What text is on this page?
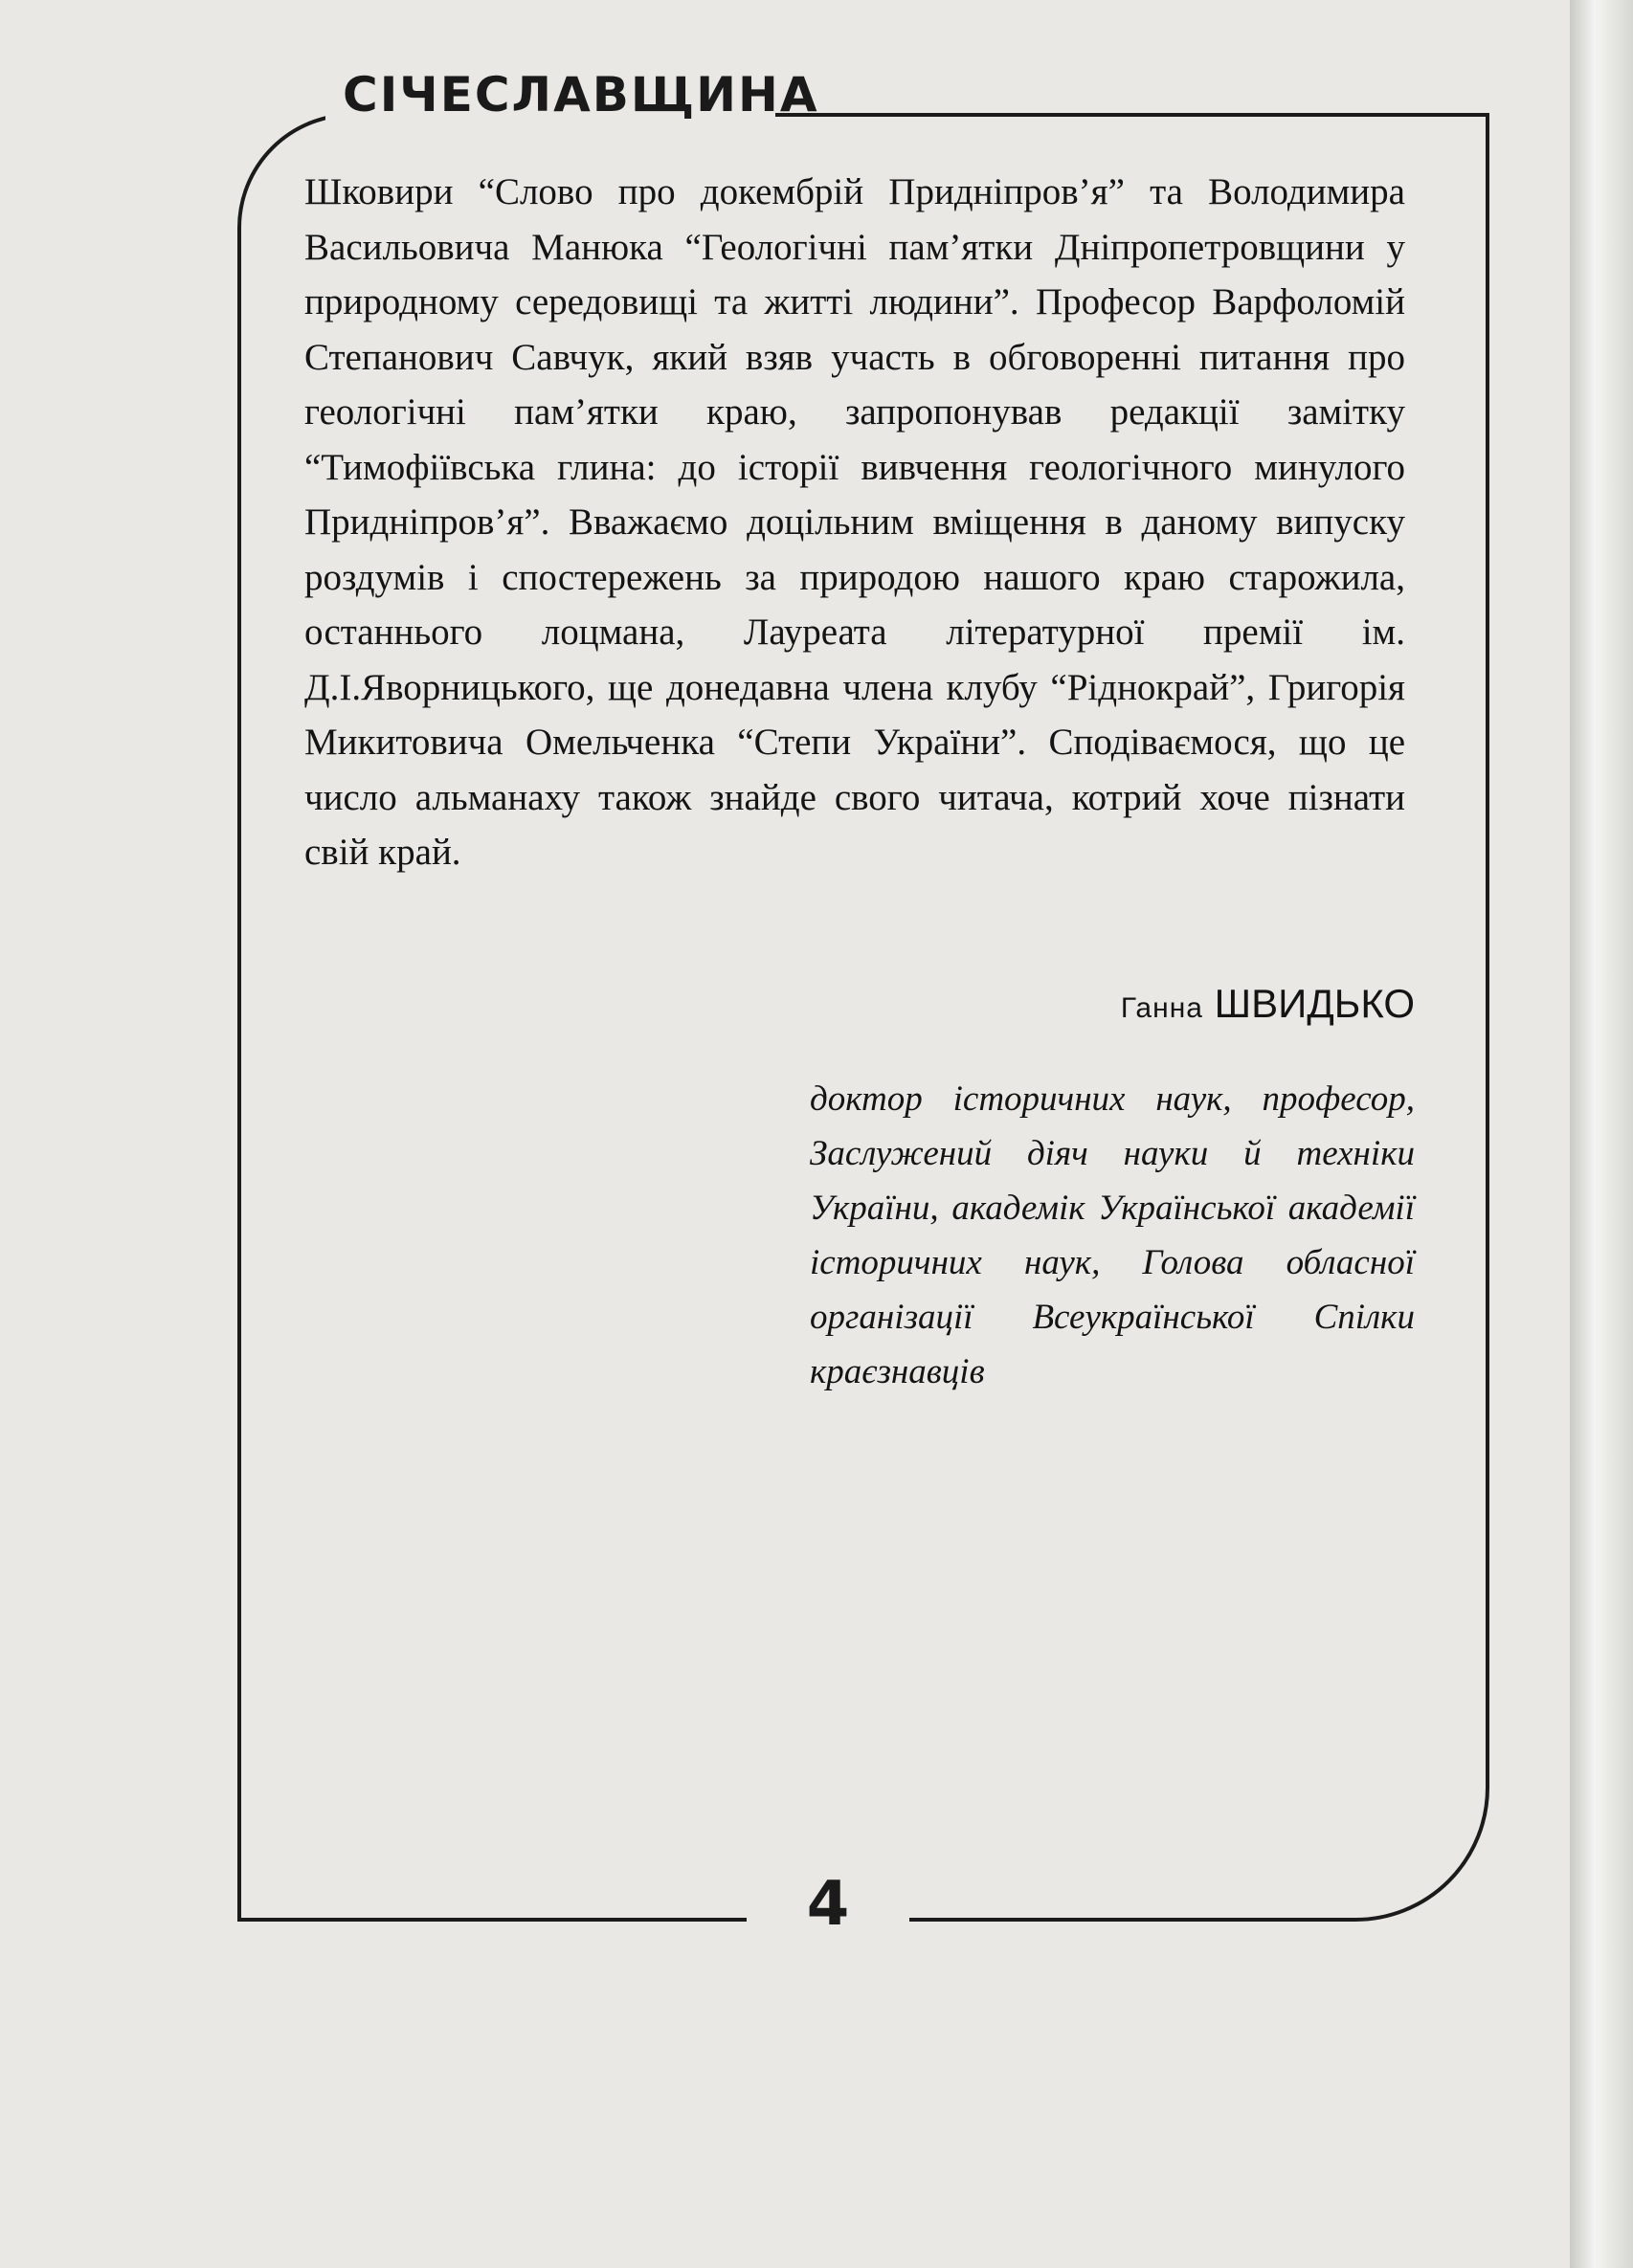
СІЧЕСЛАВЩИНА
Шковири “Слово про докембрій Придніпров’я” та Володимира Васильовича Манюка “Геологічні пам’ятки Дніпропетровщини у природному середовищі та житті людини”. Професор Варфоломій Степанович Савчук, який взяв участь в обговоренні питання про геологічні пам’ятки краю, запропонував редакції замітку “Тимофіївська глина: до історії вивчення геологічного минулого Придніпров’я”. Вважаємо доцільним вміщення в даному випуску роздумів і спостережень за природою нашого краю старожила, останнього лоцмана, Лауреата літературної премії ім. Д.І.Яворницького, ще донедавна члена клубу “Ріднокрай”, Григорія Микитовича Омельченка “Степи України”. Сподіваємося, що це число альманаху також знайде свого читача, котрий хоче пізнати свій край.
Ганна ШВИДЬКО
доктор історичних наук, професор, Заслужений діяч науки й техніки України, академік Української академії історичних наук, Голова обласної організації Всеукраїнської Спілки краєзнавців
4
